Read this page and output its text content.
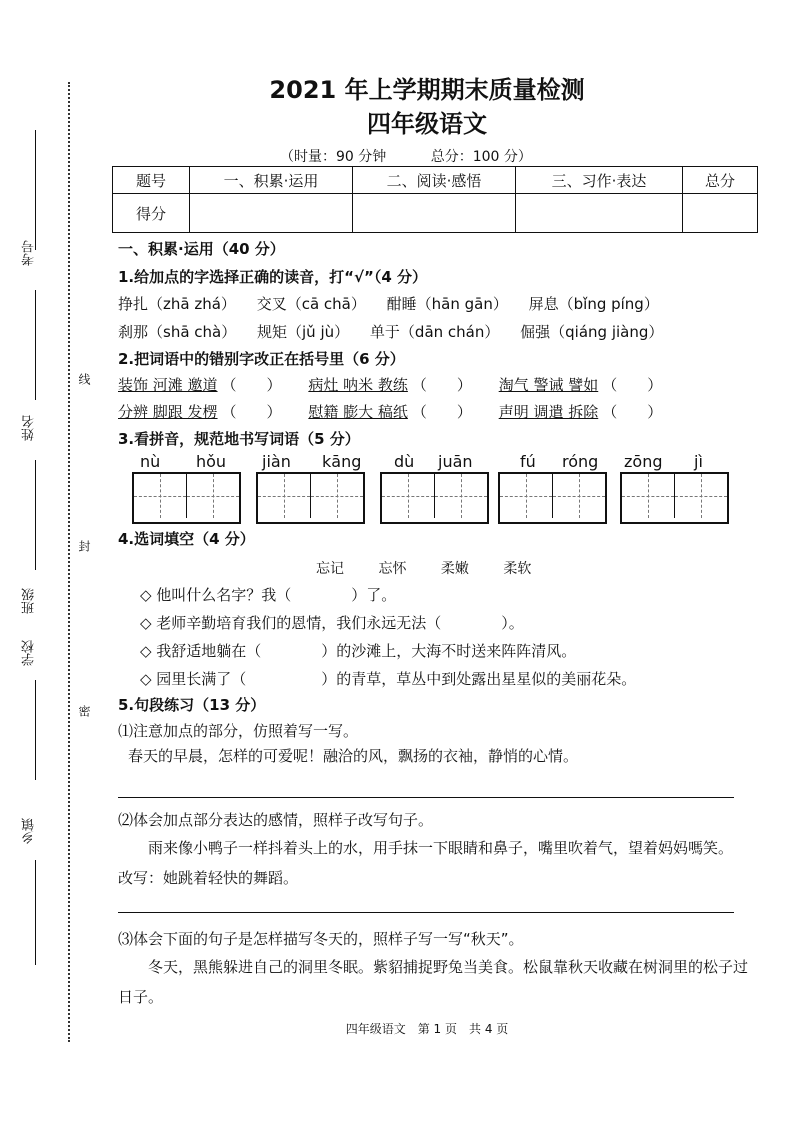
考号
姓名
班级
学校
乡镇
线
封
密
2021 年上学期期末质量检测
四年级语文
（时量：90 分钟	总分：100 分）
题号	一、积累·运用	二、阅读·感悟	三、习作·表达	总分
得分				
一、积累·运用（40 分）
1.给加点的字选择正确的读音，打“√”（4 分）
挣扎（zhā zhá） 交叉（cā chā） 酣睡（hān gān） 屏息（bǐng píng）
刹那（shā chà） 规矩（jǔ jù） 单于（dān chán） 倔强（qiáng jiàng）
2.把词语中的错别字改正在括号里（6 分）
装饰 河滩 邀道 （　　） 病灶 呐米 教练 （　　） 淘气 警诫 譬如 （　　）
分辨 脚跟 发楞 （　　） 慰籍 膨大 稿纸 （　　） 声明 调遣 拆除 （　　）
3.看拼音，规范地书写词语（5 分）
nù hǒu jiàn kāng dù juān	fú róng zōng jì
4.选词填空（4 分）
忘记 忘怀 柔嫩 柔软
◇ 他叫什么名字？我（　　　　）了。
◇ 老师辛勤培育我们的恩情，我们永远无法（　　　　）。
◇ 我舒适地躺在（　　　　）的沙滩上，大海不时送来阵阵清风。
◇ 园里长满了（　　　　　）的青草，草丛中到处露出星星似的美丽花朵。
5.句段练习（13 分）
⑴注意加点的部分，仿照着写一写。
春天的早晨，怎样的可爱呢！融洽的风，飘扬的衣袖，静悄的心情。
⑵体会加点部分表达的感情，照样子改写句子。
雨来像小鸭子一样抖着头上的水，用手抹一下眼睛和鼻子，嘴里吹着气，望着妈妈嗎笑。　　改写：她跳着轻快的舞蹈。
⑶体会下面的句子是怎样描写冬天的，照样子写一写“秋天”。
冬天，黑熊躲进自己的洞里冬眠。紫貂捕捉野兔当美食。松鼠靠秋天收藏在树洞里的松子过日子。
四年级语文　第 1 页　共 4 页
